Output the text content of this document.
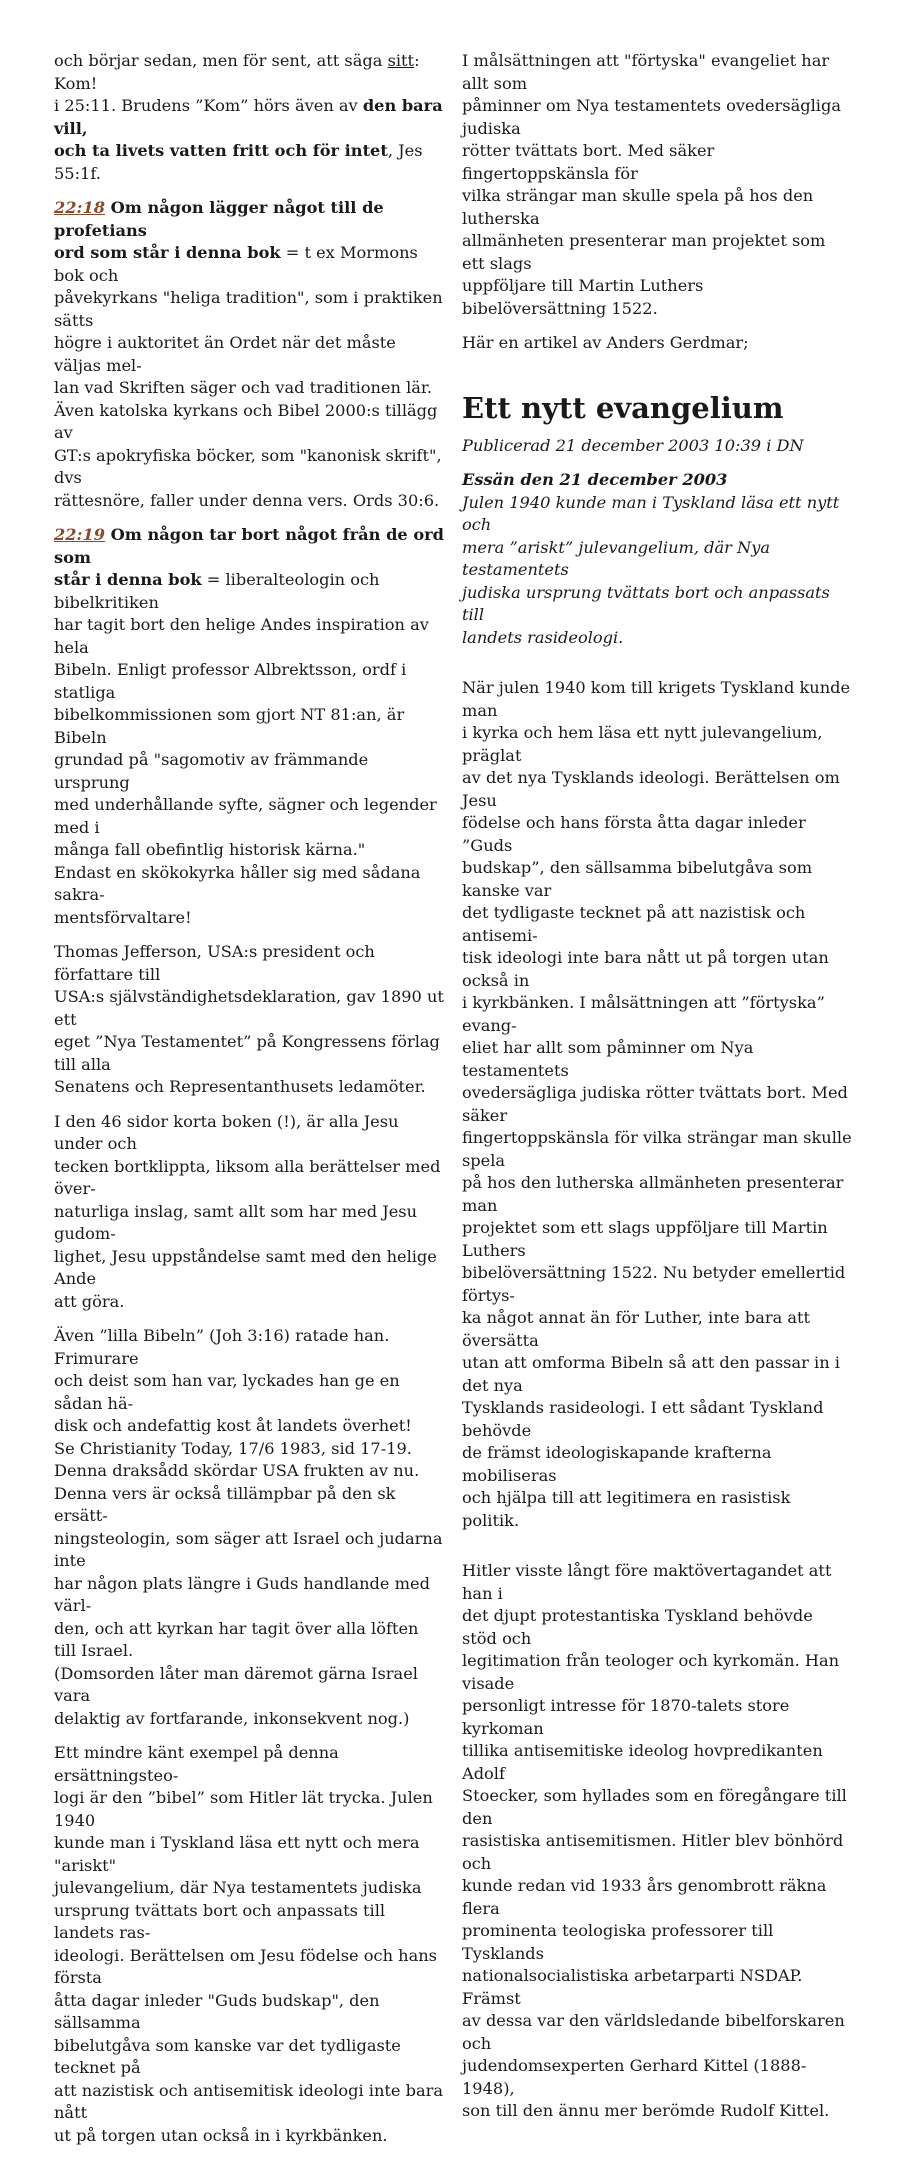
och börjar sedan, men för sent, att säga sitt: Kom!
i 25:11. Brudens ”Kom” hörs även av den bara vill,
och ta livets vatten fritt och för intet, Jes 55:1f.

22:18 Om någon lägger något till de profetians
ord som står i denna bok = t ex Mormons bok och
påvekyrkans "heliga tradition", som i praktiken sätts
högre i auktoritet än Ordet när det måste väljas mel-
lan vad Skriften säger och vad traditionen lär.
Även katolska kyrkans och Bibel 2000:s tillägg av
GT:s apokryfiska böcker, som "kanonisk skrift", dvs
rättesnöre, faller under denna vers. Ords 30:6.

22:19 Om någon tar bort något från de ord som
står i denna bok = liberalteologin och bibelkritiken
har tagit bort den helige Andes inspiration av hela
Bibeln. Enligt professor Albrektsson, ordf i statliga
bibelkommissionen som gjort NT 81:an, är Bibeln
grundad på "sagomotiv av främmande ursprung
med underhållande syfte, sägner och legender med i
många fall obefintlig historisk kärna."
Endast en skökokyrka håller sig med sådana sakra-
mentsförvaltare!

Thomas Jefferson, USA:s president och författare till
USA:s självständighetsdeklaration, gav 1890 ut ett
eget ”Nya Testamentet” på Kongressens förlag till alla
Senatens och Representanthusets ledamöter.

I den 46 sidor korta boken (!), är alla Jesu under och
tecken bortklippta, liksom alla berättelser med över-
naturliga inslag, samt allt som har med Jesu gudom-
lighet, Jesu uppståndelse samt med den helige Ande
att göra.

Även ”lilla Bibeln” (Joh 3:16) ratade han. Frimurare
och deist som han var, lyckades han ge en sådan hä-
disk och andefattig kost åt landets överhet!
Se Christianity Today, 17/6 1983, sid 17-19.
Denna draksådd skördar USA frukten av nu.
Denna vers är också tillämpbar på den sk ersätt-
ningsteologin, som säger att Israel och judarna inte
har någon plats längre i Guds handlande med värl-
den, och att kyrkan har tagit över alla löften till Israel.
(Domsorden låter man däremot gärna Israel vara
delaktig av fortfarande, inkonsekvent nog.)

Ett mindre känt exempel på denna ersättningsteo-
logi är den ”bibel” som Hitler lät trycka. Julen 1940
kunde man i Tyskland läsa ett nytt och mera "ariskt"
julevangelium, där Nya testamentets judiska
ursprung tvättats bort och anpassats till landets ras-
ideologi. Berättelsen om Jesu födelse och hans första
åtta dagar inleder "Guds budskap", den sällsamma
bibelutgåva som kanske var det tydligaste tecknet på
att nazistisk och antisemitisk ideologi inte bara nått
ut på torgen utan också in i kyrkbänken.

I målsättningen att "förtyska" evangeliet har allt som
påminner om Nya testamentets ovedersägliga judiska
rötter tvättats bort. Med säker fingertoppskänsla för
vilka strängar man skulle spela på hos den lutherska
allmänheten presenterar man projektet som ett slags
uppföljare till Martin Luthers bibelöversättning 1522.

Här en artikel av Anders Gerdmar;

Ett nytt evangelium

Publicerad 21 december 2003 10:39 i DN

Essän den 21 december 2003
Julen 1940 kunde man i Tyskland läsa ett nytt och
mera ”ariskt” julevangelium, där Nya testamentets
judiska ursprung tvättats bort och anpassats till
landets rasideologi.

När julen 1940 kom till krigets Tyskland kunde man
i kyrka och hem läsa ett nytt julevangelium, präglat
av det nya Tysklands ideologi. Berättelsen om Jesu
födelse och hans första åtta dagar inleder ”Guds
budskap”, den sällsamma bibelutgåva som kanske var
det tydligaste tecknet på att nazistisk och antisemi-
tisk ideologi inte bara nått ut på torgen utan också in
i kyrkbänken. I målsättningen att ”förtyska” evang-
eliet har allt som påminner om Nya testamentets
ovedersägliga judiska rötter tvättats bort. Med säker
fingertoppskänsla för vilka strängar man skulle spela
på hos den lutherska allmänheten presenterar man
projektet som ett slags uppföljare till Martin Luthers
bibelöversättning 1522. Nu betyder emellertid förtys-
ka något annat än för Luther, inte bara att översätta
utan att omforma Bibeln så att den passar in i det nya
Tysklands rasideologi. I ett sådant Tyskland behövde
de främst ideologiskapande krafterna mobiliseras
och hjälpa till att legitimera en rasistisk politik.

Hitler visste långt före maktövertagandet att han i
det djupt protestantiska Tyskland behövde stöd och
legitimation från teologer och kyrkomän. Han visade
personligt intresse för 1870-talets store kyrkoman
tillika antisemitiske ideolog hovpredikanten Adolf
Stoecker, som hyllades som en föregångare till den
rasistiska antisemitismen. Hitler blev bönhörd och
kunde redan vid 1933 års genombrott räkna flera
prominenta teologiska professorer till Tysklands
nationalsocialistiska arbetarparti NSDAP. Främst
av dessa var den världsledande bibelforskaren och
judendomsexperten Gerhard Kittel (1888-1948),
son till den ännu mer berömde Rudolf Kittel.
